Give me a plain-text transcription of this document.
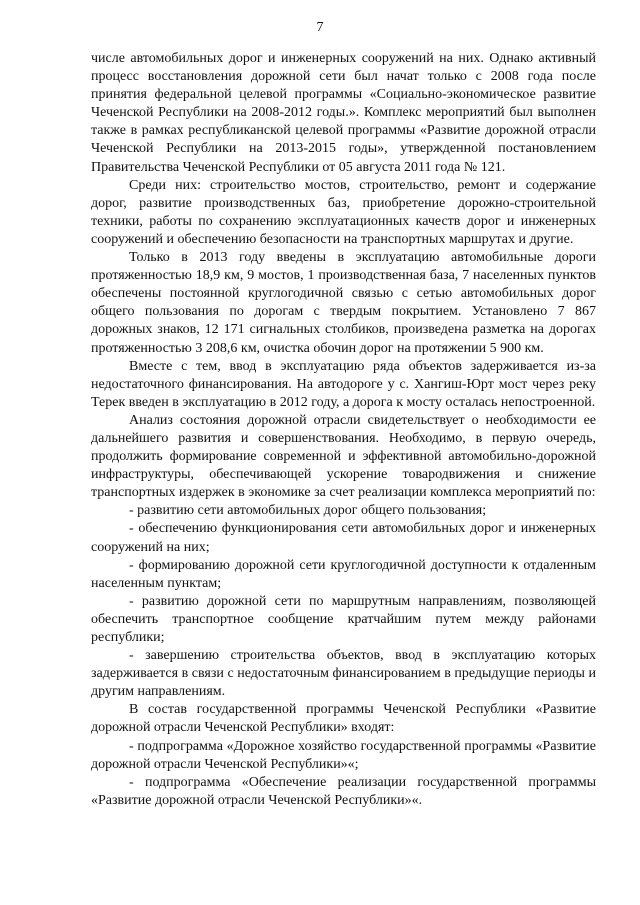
7

числе автомобильных дорог и инженерных сооружений на них. Однако активный процесс восстановления дорожной сети был начат только с 2008 года после принятия федеральной целевой программы «Социально-экономическое развитие Чеченской Республики на 2008-2012 годы.». Комплекс мероприятий был выполнен также в рамках республиканской целевой программы «Развитие дорожной отрасли Чеченской Республики на 2013-2015 годы», утвержденной постановлением Правительства Чеченской Республики от 05 августа 2011 года № 121.

Среди них: строительство мостов, строительство, ремонт и содержание дорог, развитие производственных баз, приобретение дорожно-строительной техники, работы по сохранению эксплуатационных качеств дорог и инженерных сооружений и обеспечению безопасности на транспортных маршрутах и другие.

Только в 2013 году введены в эксплуатацию автомобильные дороги протяженностью 18,9 км, 9 мостов, 1 производственная база, 7 населенных пунктов обеспечены постоянной круглогодичной связью с сетью автомобильных дорог общего пользования по дорогам с твердым покрытием. Установлено 7 867 дорожных знаков, 12 171 сигнальных столбиков, произведена разметка на дорогах протяженностью 3 208,6 км, очистка обочин дорог на протяжении 5 900 км.

Вместе с тем, ввод в эксплуатацию ряда объектов задерживается из-за недостаточного финансирования. На автодороге у с. Хангиш-Юрт мост через реку Терек введен в эксплуатацию в 2012 году, а дорога к мосту осталась непостроенной.

Анализ состояния дорожной отрасли свидетельствует о необходимости ее дальнейшего развития и совершенствования. Необходимо, в первую очередь, продолжить формирование современной и эффективной автомобильно-дорожной инфраструктуры, обеспечивающей ускорение товародвижения и снижение транспортных издержек в экономике за счет реализации комплекса мероприятий по:

- развитию сети автомобильных дорог общего пользования;

- обеспечению функционирования сети автомобильных дорог и инженерных сооружений на них;

- формированию дорожной сети круглогодичной доступности к отдаленным населенным пунктам;

- развитию дорожной сети по маршрутным направлениям, позволяющей обеспечить транспортное сообщение кратчайшим путем между районами республики;

- завершению строительства объектов, ввод в эксплуатацию которых задерживается в связи с недостаточным финансированием в предыдущие периоды и другим направлениям.

В состав государственной программы Чеченской Республики «Развитие дорожной отрасли Чеченской Республики» входят:

- подпрограмма «Дорожное хозяйство государственной программы «Развитие дорожной отрасли Чеченской Республики»«;

- подпрограмма «Обеспечение реализации государственной программы «Развитие дорожной отрасли Чеченской Республики»«.
